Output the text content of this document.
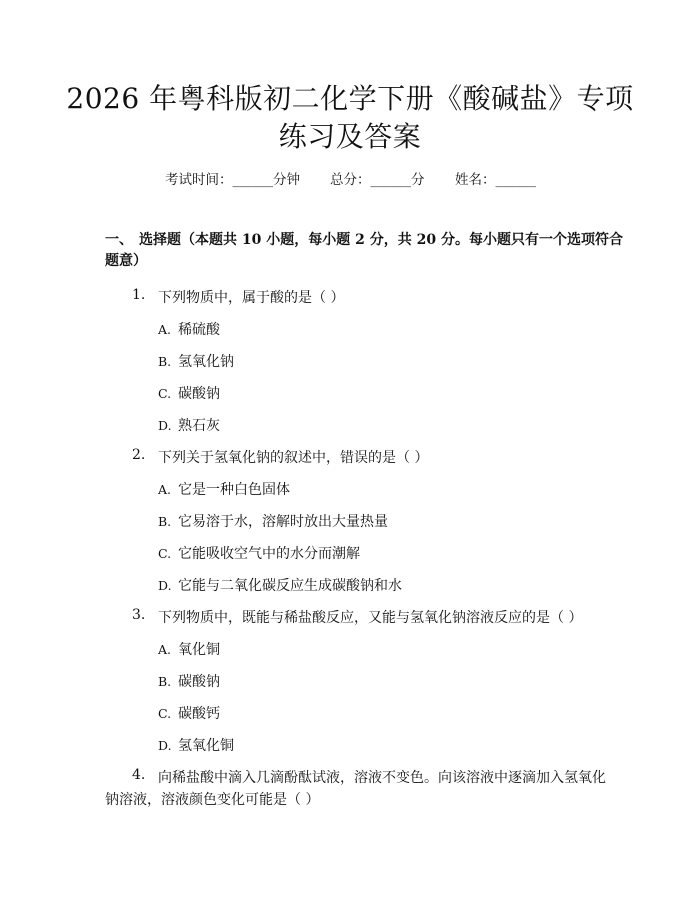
2026 年粤科版初二化学下册《酸碱盐》专项
练习及答案
考试时间：______分钟 总分：______分 姓名：______
一、 选择题（本题共 10 小题，每小题 2 分，共 20 分。每小题只有一个选项符合
题意）
1. 下列物质中，属于酸的是（ ）
A. 稀硫酸
B. 氢氧化钠
C. 碳酸钠
D. 熟石灰
2. 下列关于氢氧化钠的叙述中，错误的是（ ）
A. 它是一种白色固体
B. 它易溶于水，溶解时放出大量热量
C. 它能吸收空气中的水分而潮解
D. 它能与二氧化碳反应生成碳酸钠和水
3. 下列物质中，既能与稀盐酸反应，又能与氢氧化钠溶液反应的是（ ）
A. 氧化铜
B. 碳酸钠
C. 碳酸钙
D. 氢氧化铜
4. 向稀盐酸中滴入几滴酚酞试液，溶液不变色。向该溶液中逐滴加入氢氧化
钠溶液，溶液颜色变化可能是（ ）
